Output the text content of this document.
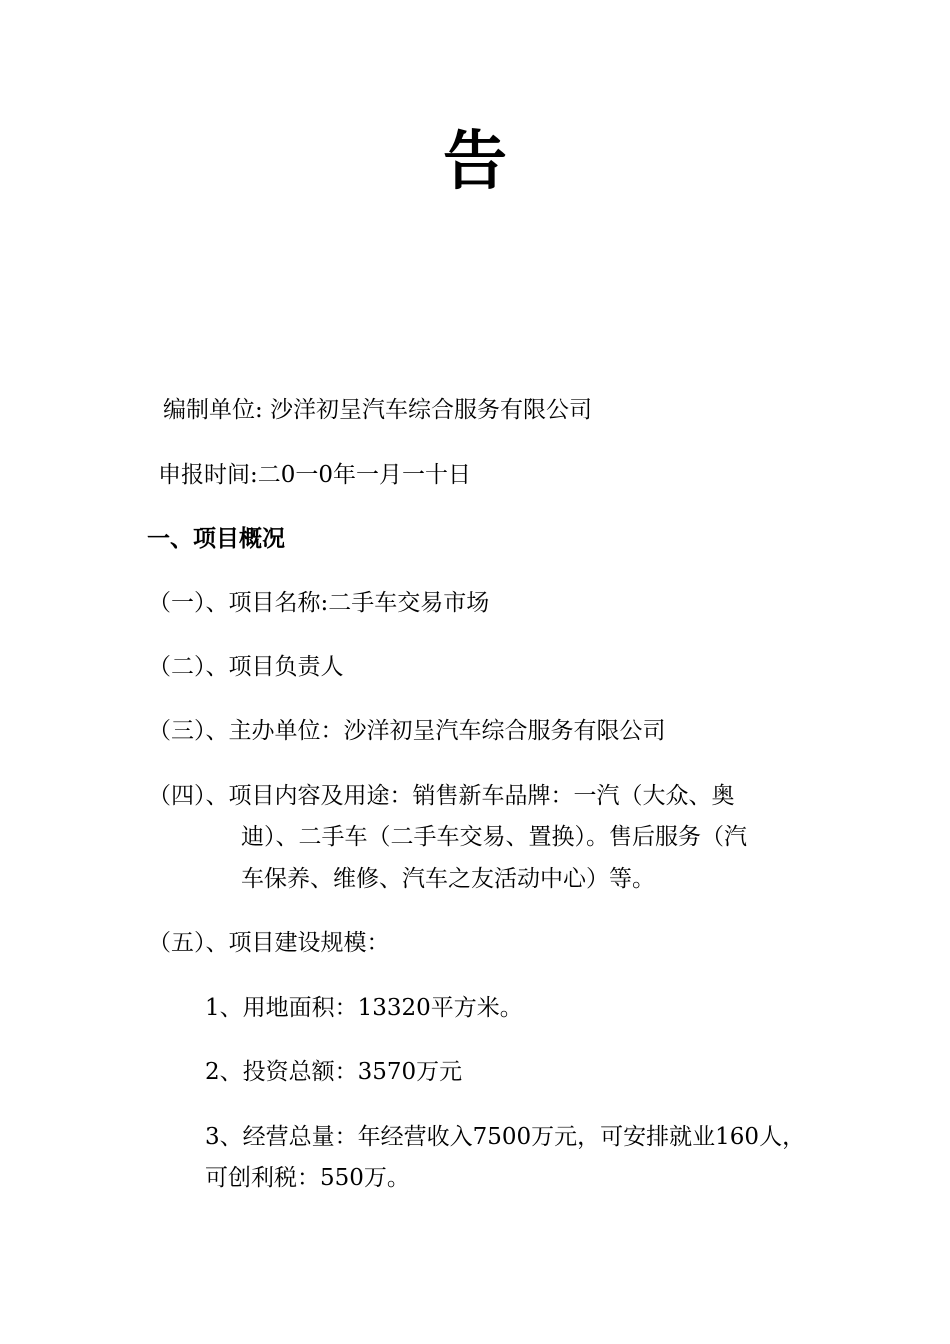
告

编制单位: 沙洋初呈汽车综合服务有限公司

申报时间:二0一0年一月一十日

一、项目概况

（一）、项目名称:二手车交易市场

（二）、项目负责人

（三）、主办单位：沙洋初呈汽车综合服务有限公司

（四）、项目内容及用途：销售新车品牌：一汽（大众、奥

迪）、二手车（二手车交易、置换）。售后服务（汽

车保养、维修、汽车之友活动中心）等。

（五）、项目建设规模：

1、用地面积：13320平方米。

2、投资总额：3570万元

3、经营总量：年经营收入7500万元，可安排就业160人，

可创利税：550万。
